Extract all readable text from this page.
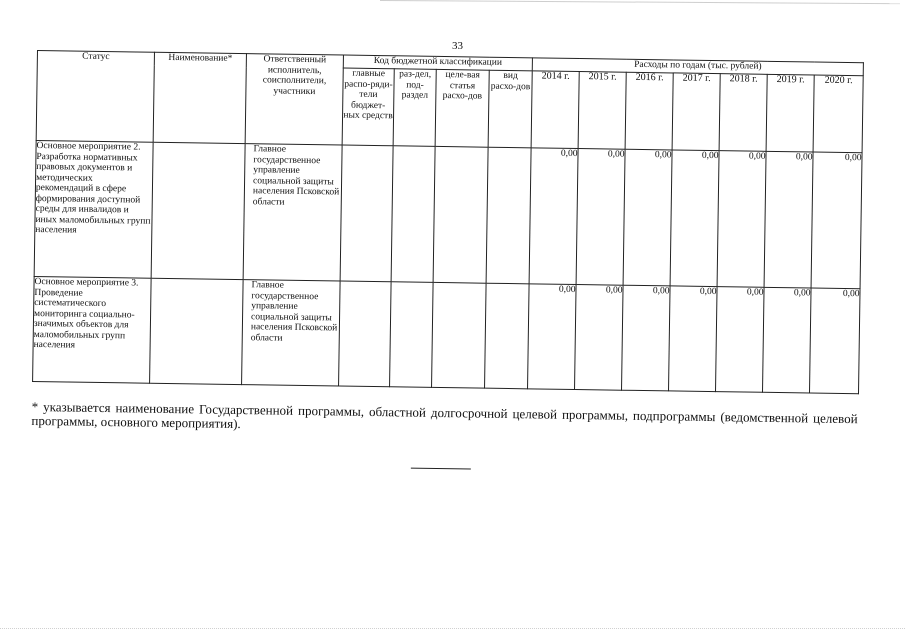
33
Статус	Наименование*	Ответственный исполнитель, соисполнители, участники	Код бюджетной классификации				Расходы по годам (тыс. рублей)						
			главные распо-ряди-тели бюджет-ных средств	раз-дел, под-раздел	целе-вая статья расхо-дов	вид расхо-дов	2014 г.	2015 г.	2016 г.	2017 г.	2018 г.	2019 г.	2020 г.
Основное мероприятие 2. Разработка нормативных правовых документов и методических рекомендаций в сфере формирования доступной среды для инвалидов и иных маломобильных групп населения		Главное государственное управление социальной защиты населения Псковской области					0,00	0,00	0,00	0,00	0,00	0,00	0,00
Основное мероприятие 3. Проведение систематического мониторинга социально-значимых объектов для маломобильных групп населения		Главное государственное управление социальной защиты населения Псковской области					0,00	0,00	0,00	0,00	0,00	0,00	0,00
* указывается наименование Государственной программы, областной долгосрочной целевой программы, подпрограммы (ведомственной целевой программы, основного мероприятия).
